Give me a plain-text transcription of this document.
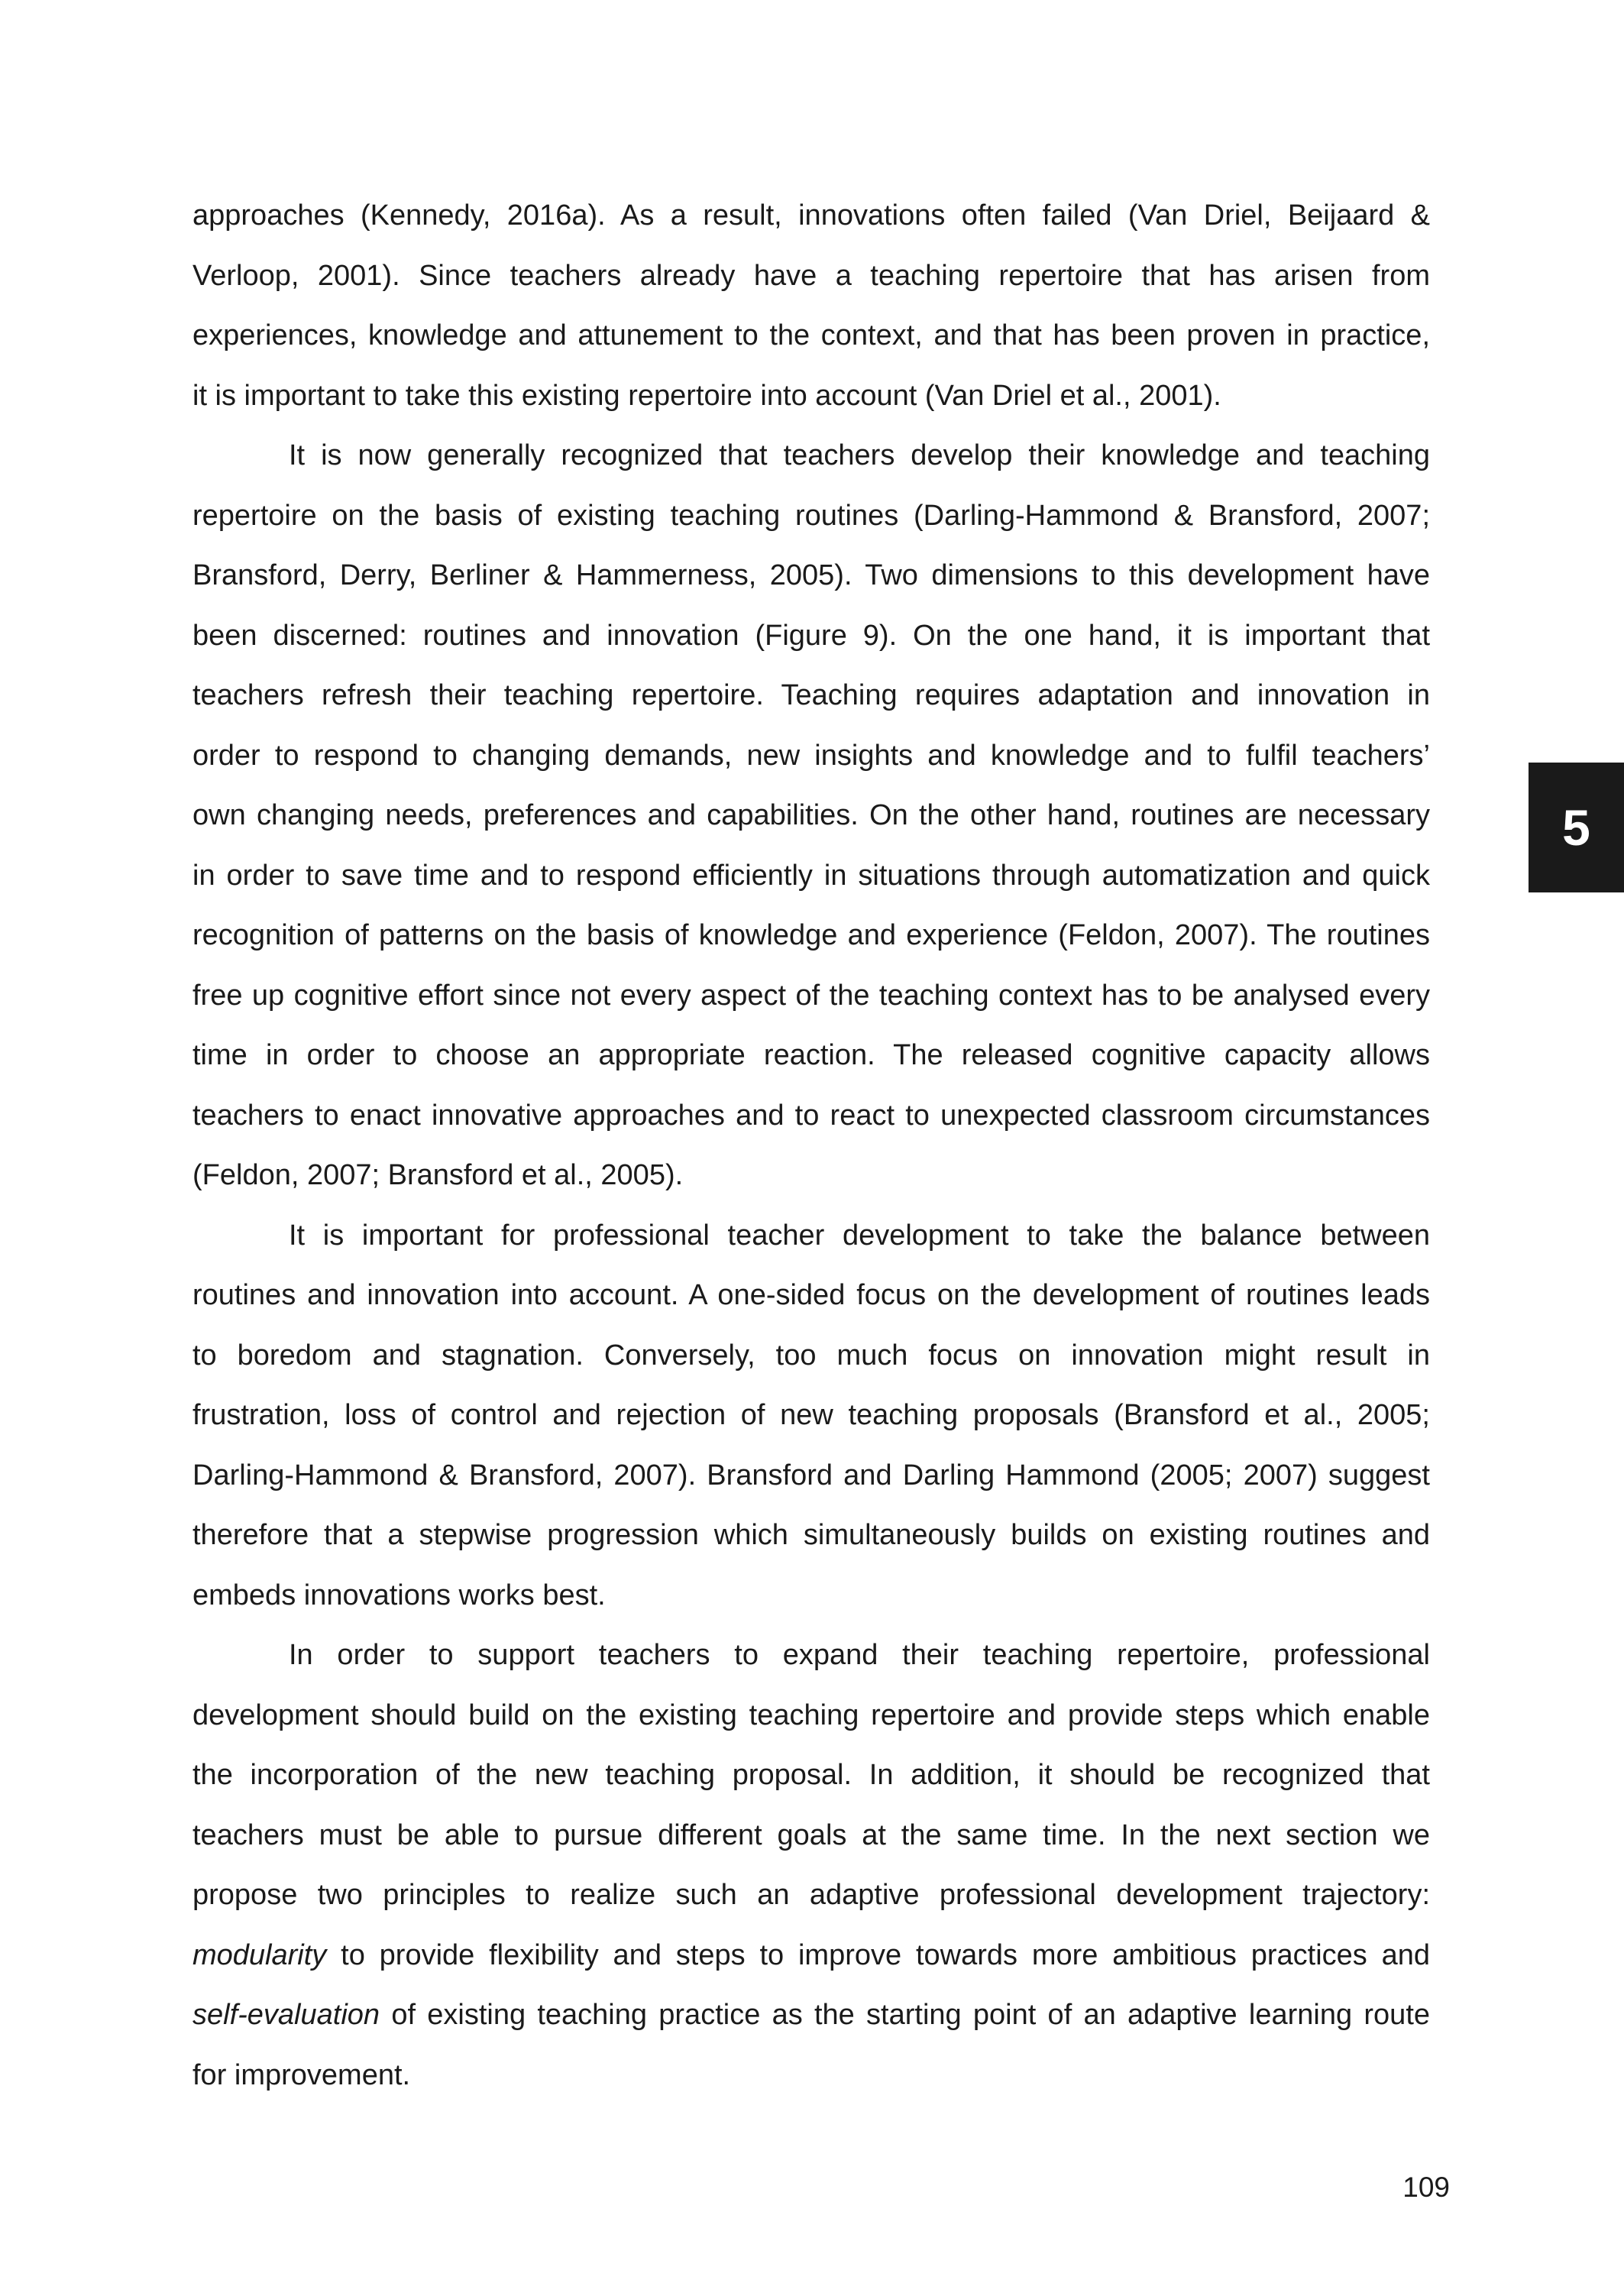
approaches (Kennedy, 2016a). As a result, innovations often failed (Van Driel, Beijaard &
Verloop, 2001). Since teachers already have a teaching repertoire that has arisen from
experiences, knowledge and attunement to the context, and that has been proven in practice,
it is important to take this existing repertoire into account (Van Driel et al., 2001).
It is now generally recognized that teachers develop their knowledge and teaching
repertoire on the basis of existing teaching routines (Darling-Hammond & Bransford, 2007;
Bransford, Derry, Berliner & Hammerness, 2005). Two dimensions to this development have
been discerned: routines and innovation (Figure 9). On the one hand, it is important that
teachers refresh their teaching repertoire. Teaching requires adaptation and innovation in
order to respond to changing demands, new insights and knowledge and to fulfil teachers’
own changing needs, preferences and capabilities. On the other hand, routines are necessary
in order to save time and to respond efficiently in situations through automatization and quick
recognition of patterns on the basis of knowledge and experience (Feldon, 2007). The routines
free up cognitive effort since not every aspect of the teaching context has to be analysed every
time in order to choose an appropriate reaction. The released cognitive capacity allows
teachers to enact innovative approaches and to react to unexpected classroom circumstances
(Feldon, 2007; Bransford et al., 2005).
It is important for professional teacher development to take the balance between
routines and innovation into account. A one-sided focus on the development of routines leads
to boredom and stagnation. Conversely, too much focus on innovation might result in
frustration, loss of control and rejection of new teaching proposals (Bransford et al., 2005;
Darling-Hammond & Bransford, 2007). Bransford and Darling Hammond (2005; 2007) suggest
therefore that a stepwise progression which simultaneously builds on existing routines and
embeds innovations works best.
In order to support teachers to expand their teaching repertoire, professional
development should build on the existing teaching repertoire and provide steps which enable
the incorporation of the new teaching proposal. In addition, it should be recognized that
teachers must be able to pursue different goals at the same time. In the next section we
propose two principles to realize such an adaptive professional development trajectory:
modularity to provide flexibility and steps to improve towards more ambitious practices and
self-evaluation of existing teaching practice as the starting point of an adaptive learning route
for improvement.
5
109
